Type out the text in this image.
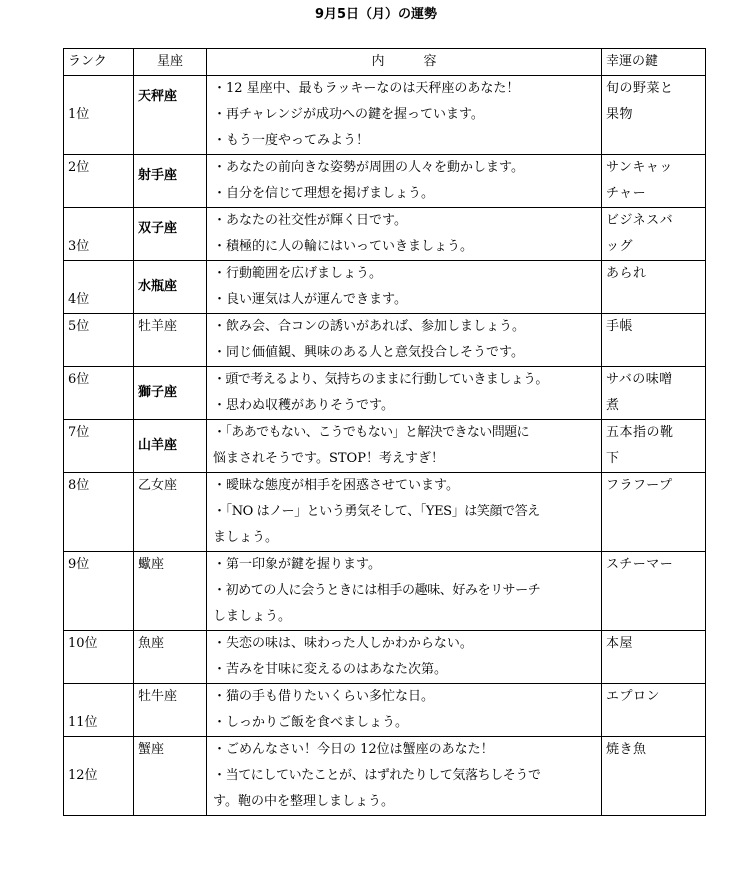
9月5日（月）の運勢
ランク	星座	内　　　容	幸運の鍵

1位	天秤座	・12 星座中、最もラッキーなのは天秤座のあなた！
・再チャレンジが成功への鍵を握っています。
・もう一度やってみよう！	旬の野菜と
果物

2位	射手座	・あなたの前向きな姿勢が周囲の人々を動かします。
・自分を信じて理想を掲げましょう。	サンキャッ
チャー

3位	双子座	・あなたの社交性が輝く日です。
・積極的に人の輪にはいっていきましょう。	ビジネスバ
ッグ

4位	水瓶座	・行動範囲を広げましょう。
・良い運気は人が運んできます。	あられ

5位	牡羊座	・飲み会、合コンの誘いがあれば、参加しましょう。
・同じ価値観、興味のある人と意気投合しそうです。	手帳

6位	獅子座	・頭で考えるより、気持ちのままに行動していきましょう。
・思わぬ収穫がありそうです。	サバの味噌
煮

7位	山羊座	・「ああでもない、こうでもない」と解決できない問題に
悩まされそうです。STOP！考えすぎ！	五本指の靴
下

8位	乙女座	・曖昧な態度が相手を困惑させています。
・「NO はノー」という勇気そして、「YES」は笑顔で答え
ましょう。	フラフープ

9位	蠍座	・第一印象が鍵を握ります。
・初めての人に会うときには相手の趣味、好みをリサーチ
しましょう。	スチーマー

10位	魚座	・失恋の味は、味わった人しかわからない。
・苦みを甘味に変えるのはあなた次第。	本屋

11位	牡牛座	・猫の手も借りたいくらい多忙な日。
・しっかりご飯を食べましょう。	エプロン

12位	蟹座	・ごめんなさい！今日の 12位は蟹座のあなた！
・当てにしていたことが、はずれたりして気落ちしそうで
す。鞄の中を整理しましょう。	焼き魚
